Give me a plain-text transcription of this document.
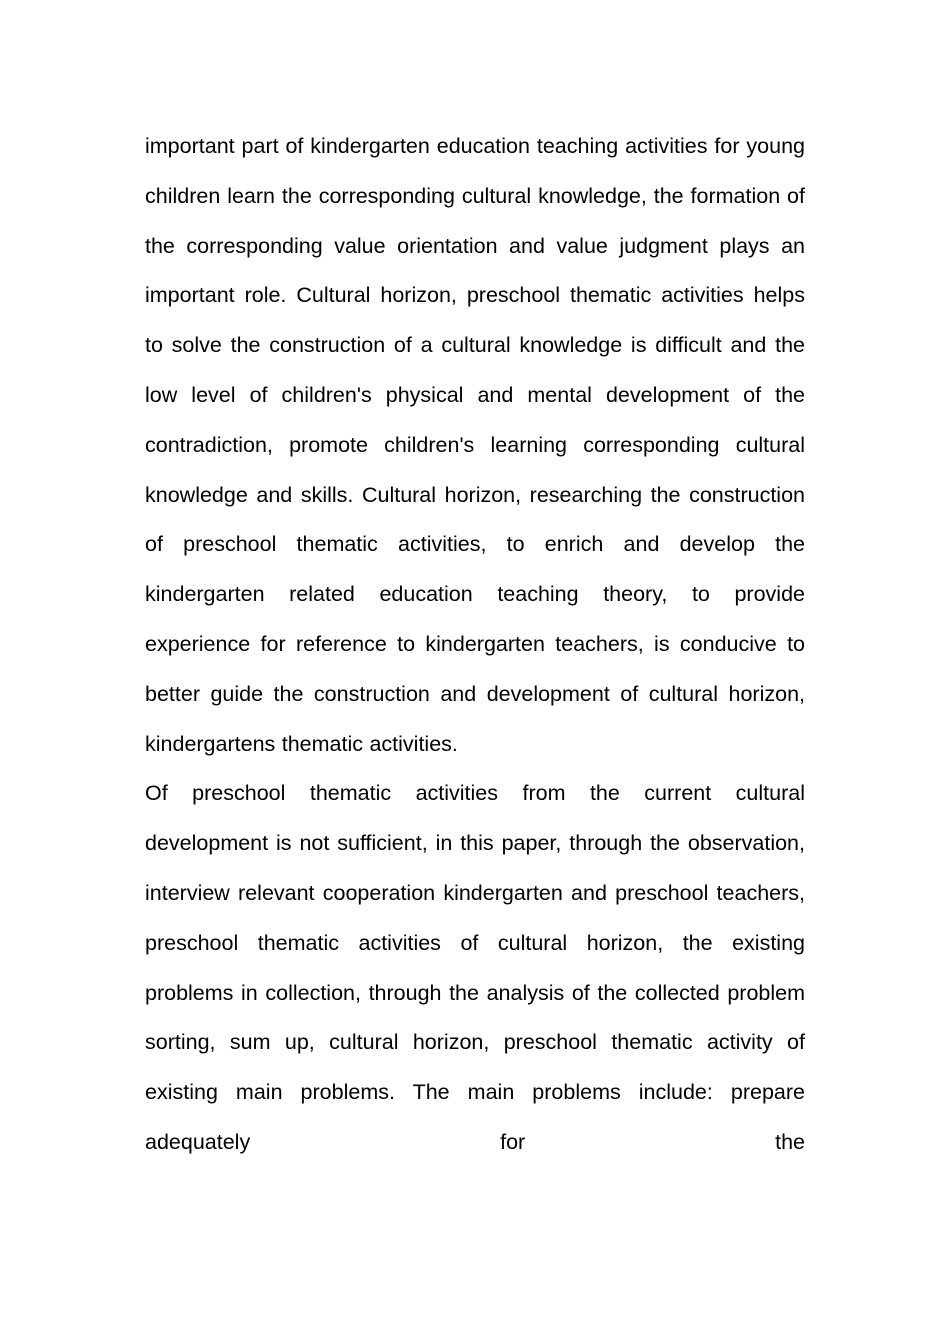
important part of kindergarten education teaching activities for young children learn the corresponding cultural knowledge, the formation of the corresponding value orientation and value judgment plays an important role. Cultural horizon, preschool thematic activities helps to solve the construction of a cultural knowledge is difficult and the low level of children's physical and mental development of the contradiction, promote children's learning corresponding cultural knowledge and skills. Cultural horizon, researching the construction of preschool thematic activities, to enrich and develop the kindergarten related education teaching theory, to provide experience for reference to kindergarten teachers, is conducive to better guide the construction and development of cultural horizon, kindergartens thematic activities.

Of preschool thematic activities from the current cultural development is not sufficient, in this paper, through the observation, interview relevant cooperation kindergarten and preschool teachers, preschool thematic activities of cultural horizon, the existing problems in collection, through the analysis of the collected problem sorting, sum up, cultural horizon, preschool thematic activity of existing main problems. The main problems include: prepare adequately for the
